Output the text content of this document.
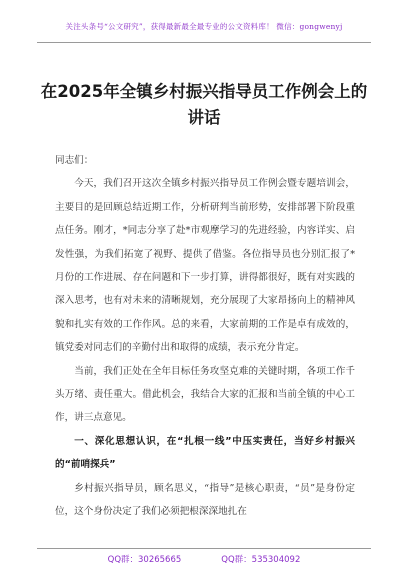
关注头条号“公文研究”，获得最新最全最专业的公文资料库！ 微信：gongwenyj
在2025年全镇乡村振兴指导员工作例会上的讲话

同志们：

今天，我们召开这次全镇乡村振兴指导员工作例会暨专题培训会，主要目的是回顾总结近期工作，分析研判当前形势，安排部署下阶段重点任务。刚才，*同志分享了赴*市观摩学习的先进经验，内容详实、启发性强，为我们拓宽了视野、提供了借鉴。各位指导员也分别汇报了*月份的工作进展、存在问题和下一步打算，讲得都很好，既有对实践的深入思考，也有对未来的清晰规划，充分展现了大家昂扬向上的精神风貌和扎实有效的工作作风。总的来看，大家前期的工作是卓有成效的，镇党委对同志们的辛勤付出和取得的成绩，表示充分肯定。

当前，我们正处在全年目标任务攻坚克难的关键时期，各项工作千头万绪、责任重大。借此机会，我结合大家的汇报和当前全镇的中心工作，讲三点意见。

一、深化思想认识，在“扎根一线”中压实责任，当好乡村振兴的“前哨探兵”

乡村振兴指导员，顾名思义，“指导”是核心职责，“员”是身份定位，这个身份决定了我们必须把根深深地扎在

QQ群：30265665	QQ群：535304092
